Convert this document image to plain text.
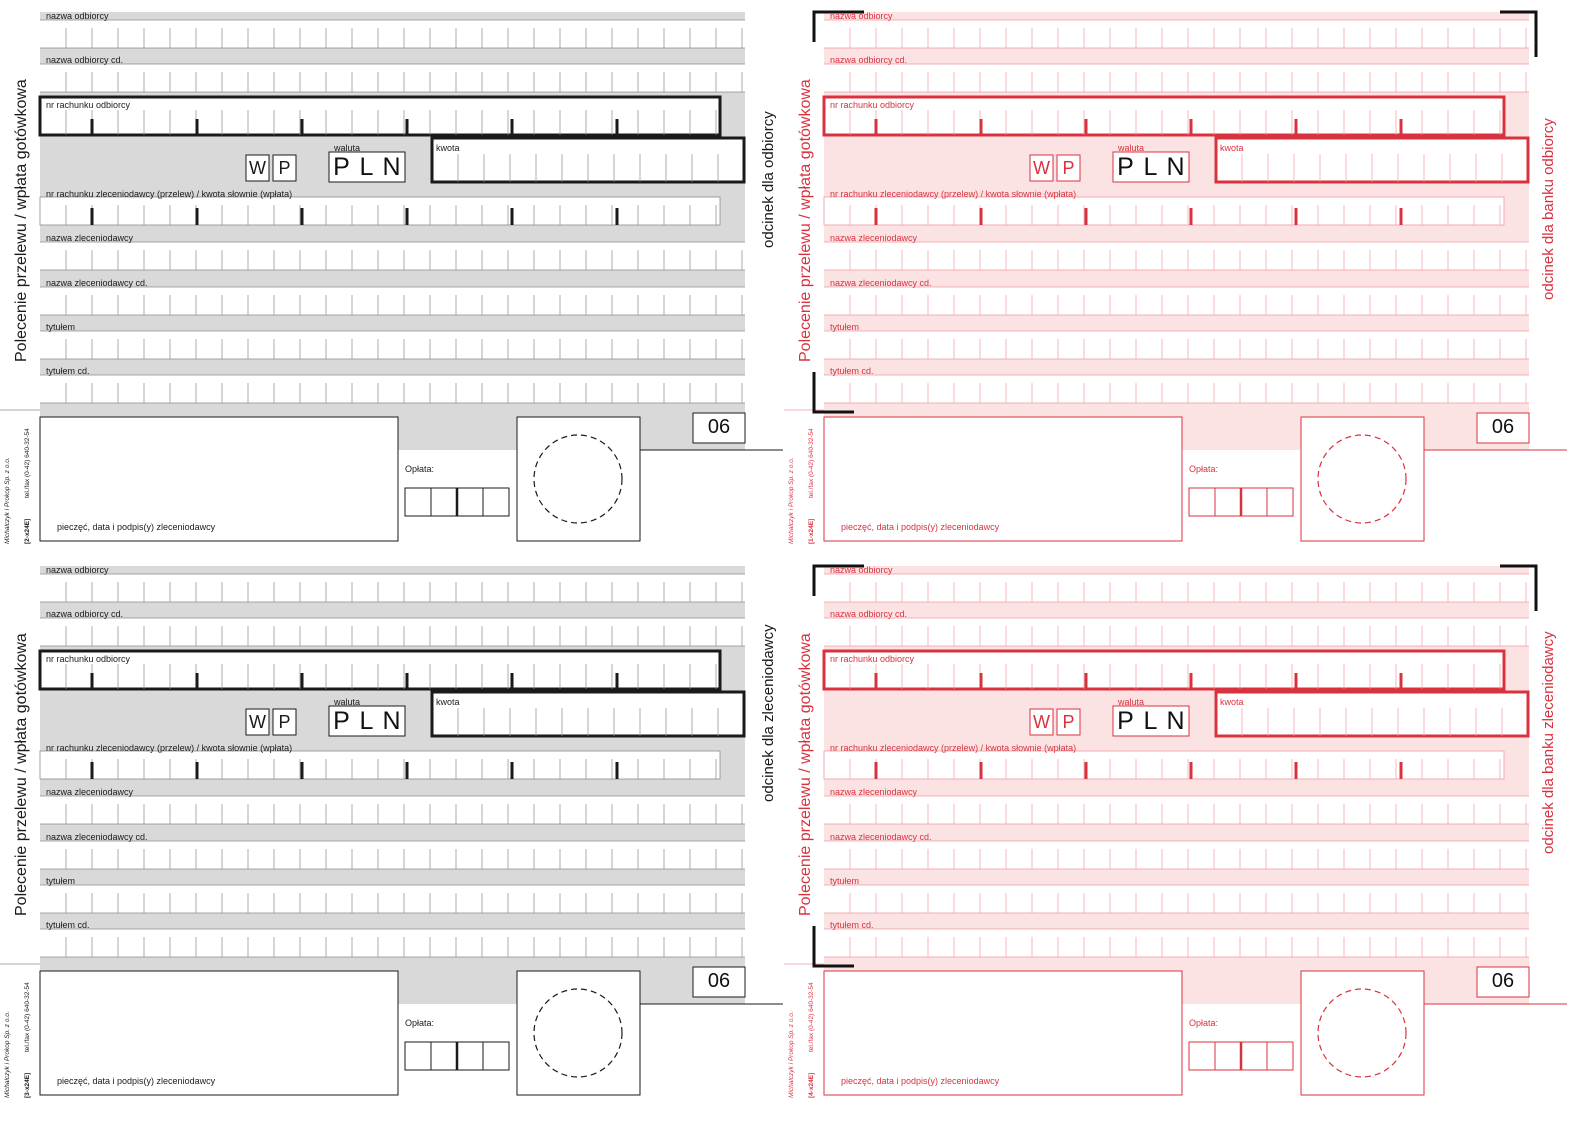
nazwa odbiorcy
nazwa odbiorcy cd.
nr rachunku odbiorcy
nr rachunku zleceniodawcy (przelew) / kwota słownie (wpłata)
nazwa zleceniodawcy
nazwa zleceniodawcy cd.
tytułem
tytułem cd.
waluta	kwota
Opłata:
pieczęć, data i podpis(y) zleceniodawcy
W P P L N
06
Polecenie przelewu / wpłata gotówkowa	odcinek dla odbiorcy
Michalczyk i Prokop Sp. z o.o. tel./fax (0-42) 640-32-54
[2-x24E]
nazwa odbiorcy
nazwa odbiorcy cd.
nr rachunku odbiorcy
nr rachunku zleceniodawcy (przelew) / kwota słownie (wpłata)
nazwa zleceniodawcy
nazwa zleceniodawcy cd.
tytułem
tytułem cd.
waluta	kwota
Opłata:
pieczęć, data i podpis(y) zleceniodawcy
W P P L N
06
Polecenie przelewu / wpłata gotówkowa	odcinek dla banku odbiorcy
Michalczyk i Prokop Sp. z o.o. tel./fax (0-42) 640-32-54
[1-x24E]
nazwa odbiorcy
nazwa odbiorcy cd.
nr rachunku odbiorcy
nr rachunku zleceniodawcy (przelew) / kwota słownie (wpłata)
nazwa zleceniodawcy
nazwa zleceniodawcy cd.
tytułem
tytułem cd.
waluta	kwota
Opłata:
pieczęć, data i podpis(y) zleceniodawcy
W P P L N
06
Polecenie przelewu / wpłata gotówkowa	odcinek dla zleceniodawcy
Michalczyk i Prokop Sp. z o.o. tel./fax (0-42) 640-32-54
[3-x24E]
nazwa odbiorcy
nazwa odbiorcy cd.
nr rachunku odbiorcy
nr rachunku zleceniodawcy (przelew) / kwota słownie (wpłata)
nazwa zleceniodawcy
nazwa zleceniodawcy cd.
tytułem
tytułem cd.
waluta	kwota
Opłata:
pieczęć, data i podpis(y) zleceniodawcy
W P P L N
06
Polecenie przelewu / wpłata gotówkowa	odcinek dla banku zleceniodawcy
Michalczyk i Prokop Sp. z o.o. tel./fax (0-42) 640-32-54
[4-x24E]
